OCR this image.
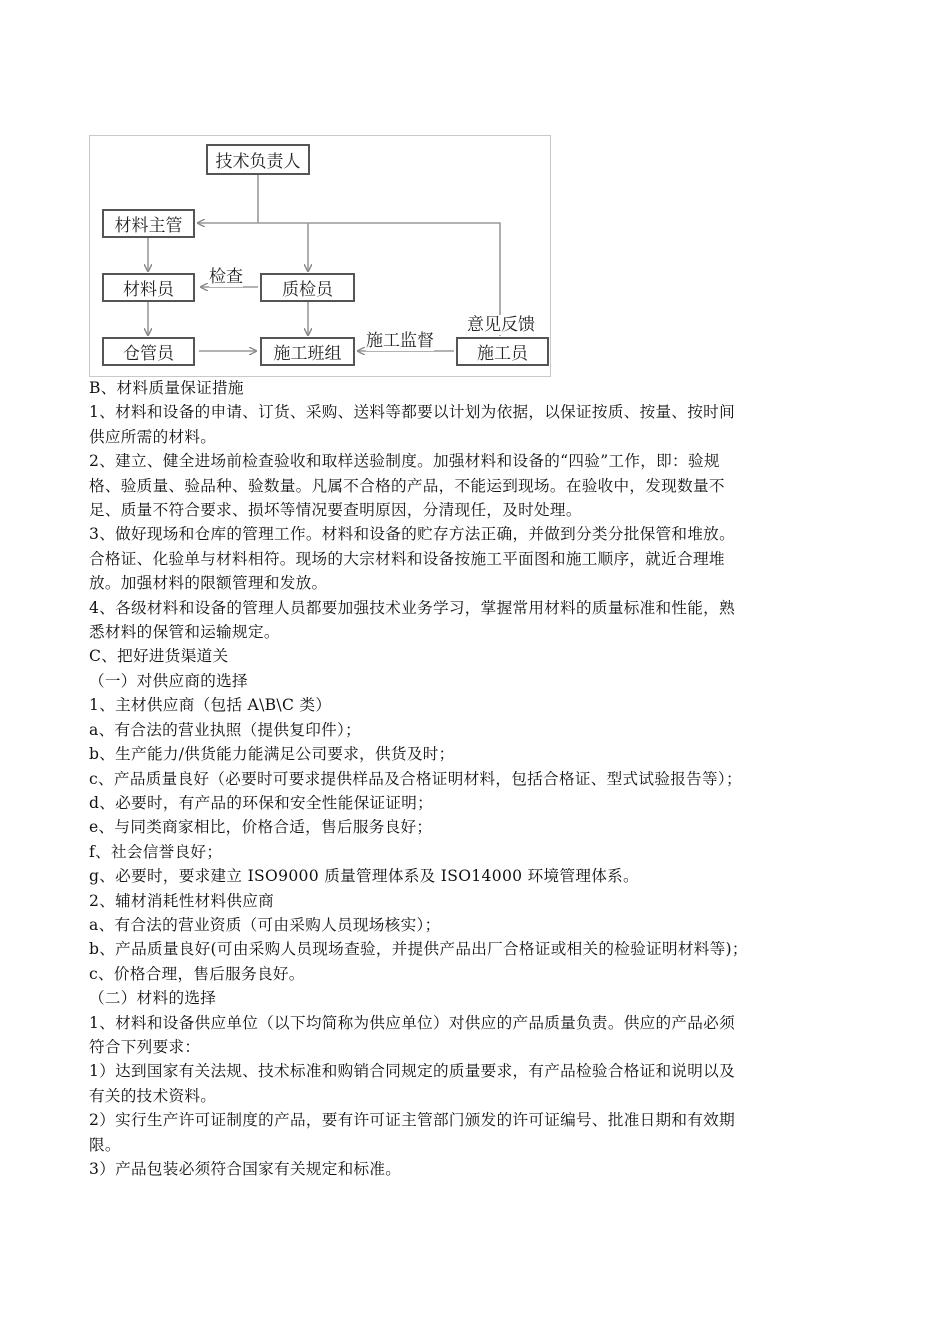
技术负责人
材料主管
材料员	质检员
仓管员	施工班组	施工员
检查
施工监督
意见反馈

B、材料质量保证措施

1、材料和设备的申请、订货、采购、送料等都要以计划为依据，以保证按质、按量、按时间

供应所需的材料。

2、建立、健全进场前检查验收和取样送验制度。加强材料和设备的“四验”工作，即：验规

格、验质量、验品种、验数量。凡属不合格的产品，不能运到现场。在验收中，发现数量不

足、质量不符合要求、损坏等情况要查明原因，分清现任，及时处理。

3、做好现场和仓库的管理工作。材料和设备的贮存方法正确，并做到分类分批保管和堆放。

合格证、化验单与材料相符。现场的大宗材料和设备按施工平面图和施工顺序，就近合理堆

放。加强材料的限额管理和发放。

4、各级材料和设备的管理人员都要加强技术业务学习，掌握常用材料的质量标准和性能，熟

悉材料的保管和运输规定。

C、把好进货渠道关

（一）对供应商的选择

1、主材供应商（包括 A\B\C 类）

a、有合法的营业执照（提供复印件）；

b、生产能力/供货能力能满足公司要求，供货及时；

c、产品质量良好（必要时可要求提供样品及合格证明材料，包括合格证、型式试验报告等）；

d、必要时，有产品的环保和安全性能保证证明；

e、与同类商家相比，价格合适，售后服务良好；

f、社会信誉良好；

g、必要时，要求建立 ISO9000 质量管理体系及 ISO14000 环境管理体系。

2、辅材消耗性材料供应商

a、有合法的营业资质（可由采购人员现场核实）；

b、产品质量良好(可由采购人员现场查验，并提供产品出厂合格证或相关的检验证明材料等)；

c、价格合理，售后服务良好。

（二）材料的选择

1、材料和设备供应单位（以下均简称为供应单位）对供应的产品质量负责。供应的产品必须

符合下列要求：

1）达到国家有关法规、技术标准和购销合同规定的质量要求，有产品检验合格证和说明以及

有关的技术资料。

2）实行生产许可证制度的产品，要有许可证主管部门颁发的许可证编号、批准日期和有效期

限。

3）产品包装必须符合国家有关规定和标准。
